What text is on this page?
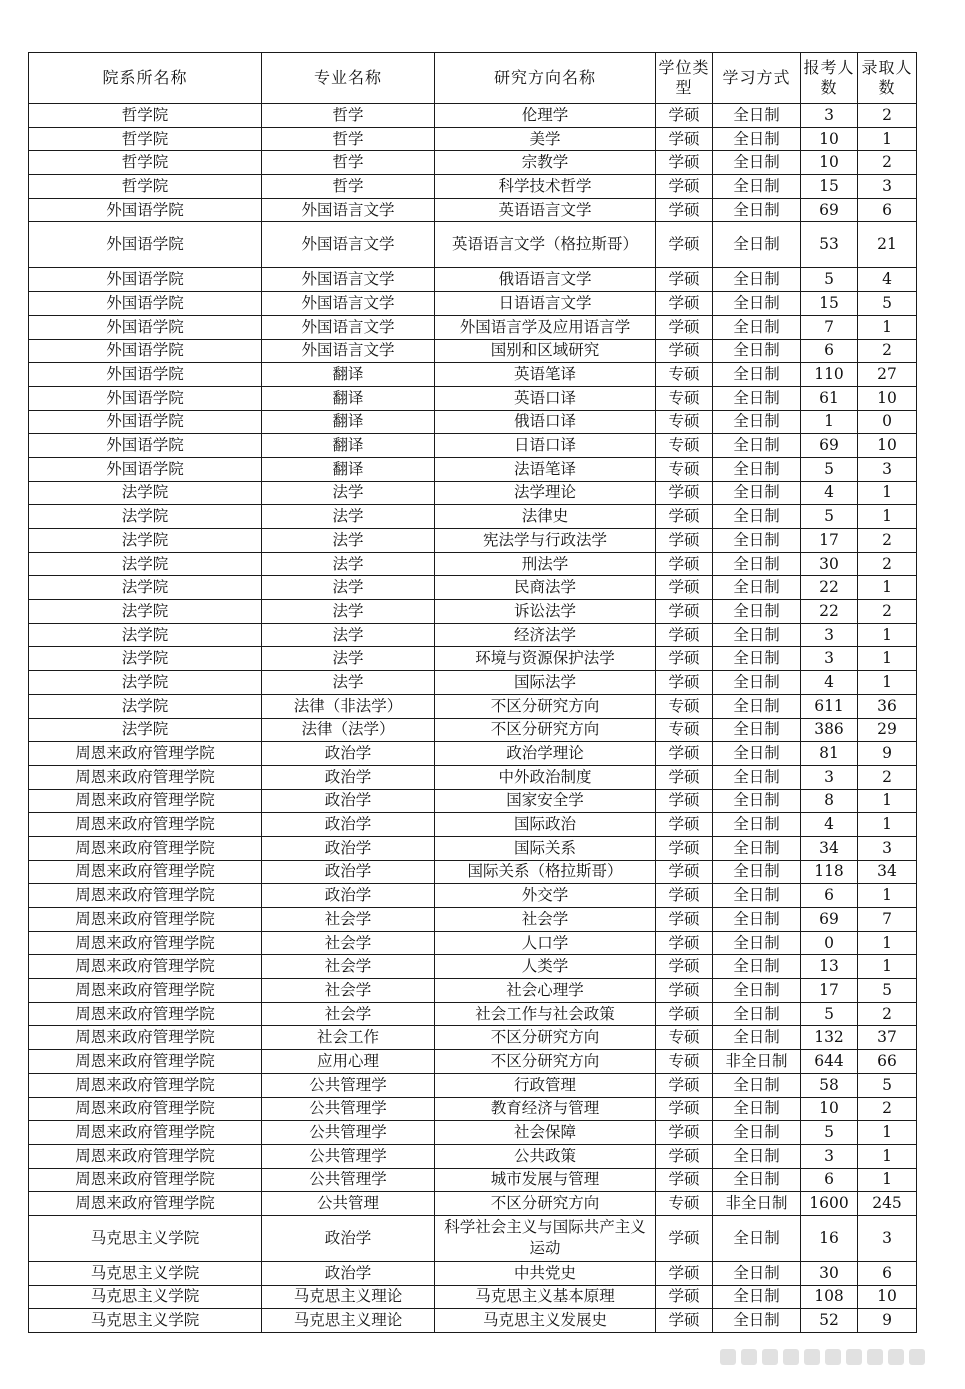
院系所名称	专业名称	研究方向名称	学位类型	学习方式	报考人数	录取人数
哲学院	哲学	伦理学	学硕	全日制	3	2
哲学院	哲学	美学	学硕	全日制	10	1
哲学院	哲学	宗教学	学硕	全日制	10	2
哲学院	哲学	科学技术哲学	学硕	全日制	15	3
外国语学院	外国语言文学	英语语言文学	学硕	全日制	69	6
外国语学院	外国语言文学	英语语言文学（格拉斯哥）	学硕	全日制	53	21
外国语学院	外国语言文学	俄语语言文学	学硕	全日制	5	4
外国语学院	外国语言文学	日语语言文学	学硕	全日制	15	5
外国语学院	外国语言文学	外国语言学及应用语言学	学硕	全日制	7	1
外国语学院	外国语言文学	国别和区域研究	学硕	全日制	6	2
外国语学院	翻译	英语笔译	专硕	全日制	110	27
外国语学院	翻译	英语口译	专硕	全日制	61	10
外国语学院	翻译	俄语口译	专硕	全日制	1	0
外国语学院	翻译	日语口译	专硕	全日制	69	10
外国语学院	翻译	法语笔译	专硕	全日制	5	3
法学院	法学	法学理论	学硕	全日制	4	1
法学院	法学	法律史	学硕	全日制	5	1
法学院	法学	宪法学与行政法学	学硕	全日制	17	2
法学院	法学	刑法学	学硕	全日制	30	2
法学院	法学	民商法学	学硕	全日制	22	1
法学院	法学	诉讼法学	学硕	全日制	22	2
法学院	法学	经济法学	学硕	全日制	3	1
法学院	法学	环境与资源保护法学	学硕	全日制	3	1
法学院	法学	国际法学	学硕	全日制	4	1
法学院	法律（非法学）	不区分研究方向	专硕	全日制	611	36
法学院	法律（法学）	不区分研究方向	专硕	全日制	386	29
周恩来政府管理学院	政治学	政治学理论	学硕	全日制	81	9
周恩来政府管理学院	政治学	中外政治制度	学硕	全日制	3	2
周恩来政府管理学院	政治学	国家安全学	学硕	全日制	8	1
周恩来政府管理学院	政治学	国际政治	学硕	全日制	4	1
周恩来政府管理学院	政治学	国际关系	学硕	全日制	34	3
周恩来政府管理学院	政治学	国际关系（格拉斯哥）	学硕	全日制	118	34
周恩来政府管理学院	政治学	外交学	学硕	全日制	6	1
周恩来政府管理学院	社会学	社会学	学硕	全日制	69	7
周恩来政府管理学院	社会学	人口学	学硕	全日制	0	1
周恩来政府管理学院	社会学	人类学	学硕	全日制	13	1
周恩来政府管理学院	社会学	社会心理学	学硕	全日制	17	5
周恩来政府管理学院	社会学	社会工作与社会政策	学硕	全日制	5	2
周恩来政府管理学院	社会工作	不区分研究方向	专硕	全日制	132	37
周恩来政府管理学院	应用心理	不区分研究方向	专硕	非全日制	644	66
周恩来政府管理学院	公共管理学	行政管理	学硕	全日制	58	5
周恩来政府管理学院	公共管理学	教育经济与管理	学硕	全日制	10	2
周恩来政府管理学院	公共管理学	社会保障	学硕	全日制	5	1
周恩来政府管理学院	公共管理学	公共政策	学硕	全日制	3	1
周恩来政府管理学院	公共管理学	城市发展与管理	学硕	全日制	6	1
周恩来政府管理学院	公共管理	不区分研究方向	专硕	非全日制	1600	245
马克思主义学院	政治学	科学社会主义与国际共产主义运动	学硕	全日制	16	3
马克思主义学院	政治学	中共党史	学硕	全日制	30	6
马克思主义学院	马克思主义理论	马克思主义基本原理	学硕	全日制	108	10
马克思主义学院	马克思主义理论	马克思主义发展史	学硕	全日制	52	9
